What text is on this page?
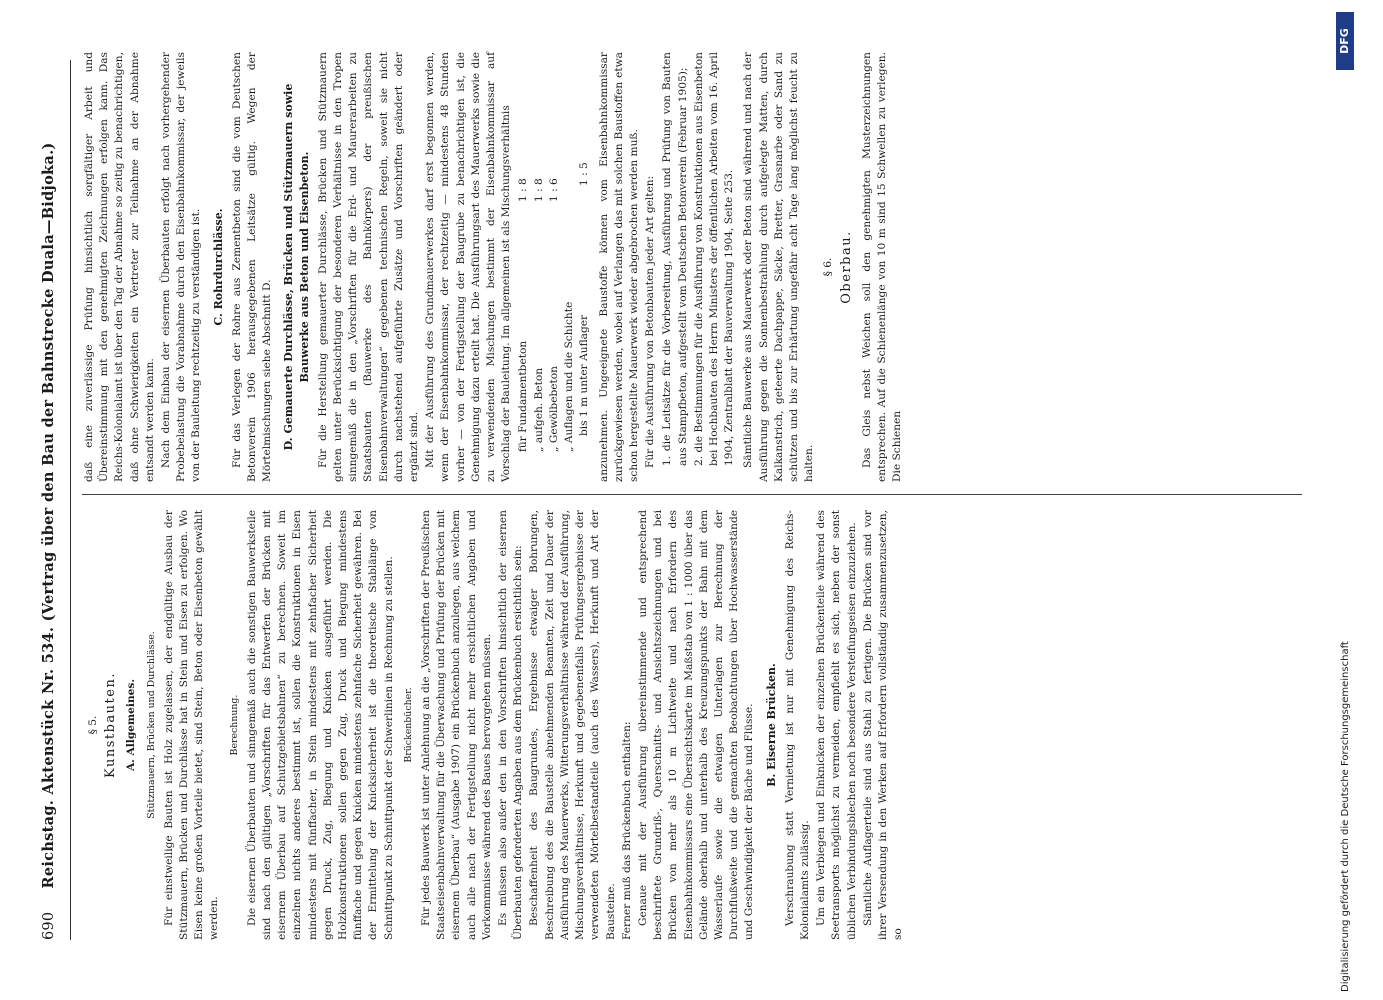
690 Reichstag. Aktenstück Nr. 534. (Vertrag über den Bau der Bahnstrecke Duala—Bidjoka.)	§ 5. Kunstbauten. A. Allgemeines. Stützmauern, Brücken und Durchlässe. Für einstweilige Bauten ist Holz zugelassen, der endgültige Ausbau der Stützmauern, Brücken und Durchlässe hat in Stein und Eisen zu erfolgen. Wo Eisen keine großen Vorteile bietet, sind Stein, Beton oder Eisenbeton gewählt werden.

Berechnung. Die eisernen Überbauten und sinngemäß auch die sonstigen Bauwerksteile sind nach den gültigen „Vorschriften für das Entwerfen der Brücken mit eisernem Überbau auf Schutzgebietsbahnen“ zu berechnen. Soweit im einzelnen nichts anderes bestimmt ist, sollen die Konstruktionen in Eisen mindestens mit fünffacher, in Stein mindestens mit zehnfacher Sicherheit gegen Druck, Zug, Biegung und Knicken ausgeführt werden. Die Holzkonstruktionen sollen gegen Zug, Druck und Biegung mindestens fünffache und gegen Knicken mindestens zehnfache Sicherheit gewähren. Bei der Ermittelung der Knicksicherheit ist die theoretische Stablänge von Schnittpunkt zu Schnittpunkt der Schwerlinien in Rechnung zu stellen. Brückenbücher. Für jedes Bauwerk ist unter Anlehnung an die „Vorschriften der Preußischen Staatseisenbahnverwaltung für die Überwachung und Prüfung der Brücken mit eisernem Überbau“ (Ausgabe 1907) ein Brückenbuch anzulegen, aus welchem auch alle nach der Fertigstellung nicht mehr ersichtlichen Angaben und Vorkommnisse während des Baues hervorgehen müssen. Es müssen also außer den in den Vorschriften hinsichtlich der eisernen Überbauten geforderten Angaben aus dem Brückenbuch ersichtlich sein: Beschaffenheit des Baugrundes, Ergebnisse etwaiger Bohrungen, Beschreibung des die Baustelle abnehmenden Beamten, Zeit und Dauer der Ausführung des Mauerwerks, Witterungsverhältnisse während der Ausführung, Mischungsverhältnisse, Herkunft und gegebenenfalls Prüfungsergebnisse der verwendeten Mörtelbestandteile (auch des Wassers), Herkunft und Art der Bausteine. Ferner muß das Brückenbuch enthalten: Genaue mit der Ausführung übereinstimmende und entsprechend beschriftete Grundriß-, Querschnitts- und Ansichtszeichnungen und bei Brücken von mehr als 10 m Lichtweite und nach Erfordern des Eisenbahnkommissars eine Übersichtskarte im Maßstab von 1 : 1000 über das Gelände oberhalb und unterhalb des Kreuzungspunkts der Bahn mit dem Wasserlaufe sowie die etwaigen Unterlagen zur Berechnung der Durchflußweite und die gemachten Beobachtungen über Hochwasserstände und Geschwindigkeit der Bäche und Flüsse. B. Eiserne Brücken. Verschraubung statt Vernietung ist nur mit Genehmigung des Reichs-Kolonialamts zulässig. Um ein Verbiegen und Einknicken der einzelnen Brückenteile während des Seetransports möglichst zu vermeiden, empfiehlt es sich, neben der sonst üblichen Verbindungsblechen noch besondere Versteifungseisen einzuziehen. Sämtliche Auflagerteile sind aus Stahl zu fertigen. Die Brücken sind vor ihrer Versendung in den Werken auf Erfordern vollständig zusammenzusetzen, so

daß eine zuverlässige Prüfung hinsichtlich sorgfältiger Arbeit und Übereinstimmung mit den genehmigten Zeichnungen erfolgen kann. Das Reichs-Kolonialamt ist über den Tag der Abnahme so zeitig zu benachrichtigen, daß ohne Schwierigkeiten ein Vertreter zur Teilnahme an der Abnahme entsandt werden kann. Nach dem Einbau der eisernen Überbauten erfolgt nach vorhergehender Probebelastung die Vorabnahme durch den Eisenbahnkommissar, der jeweils von der Bauleitung rechtzeitig zu verständigen ist. C. Rohrdurchlässe. Für das Verlegen der Rohre aus Zementbeton sind die vom Deutschen Betonverein 1906 herausgegebenen Leitsätze gültig. Wegen der Mörtelmischungen siehe Abschnitt D. D. Gemauerte Durchlässe, Brücken und Stützmauern sowie Bauwerke aus Beton und Eisenbeton. Für die Herstellung gemauerter Durchlässe, Brücken und Stützmauern gelten unter Berücksichtigung der besonderen Verhältnisse in den Tropen sinngemäß die in den „Vorschriften für die Erd- und Maurerarbeiten zu Staatsbauten (Bauwerke des Bahnkörpers) der preußischen Eisenbahnverwaltungen“ gegebenen technischen Regeln, soweit sie nicht durch nachstehend aufgeführte Zusätze und Vorschriften geändert oder ergänzt sind. Mit der Ausführung des Grundmauerwerkes darf erst begonnen werden, wenn der Eisenbahnkommissar, der rechtzeitig — mindestens 48 Stunden vorher — von der Fertigstellung der Baugrube zu benachrichtigen ist, die Genehmigung dazu erteilt hat. Die Ausführungsart des Mauerwerks sowie die zu verwendenden Mischungen bestimmt der Eisenbahnkommissar auf Vorschlag der Bauleitung. Im allgemeinen ist als Mischungsverhältnis für Fundamentbeton
1 : 8
„ aufgeh. Beton
1 : 8
„ Gewölbebeton
1 : 6
„ Auflagen und die Schichte bis 1 m unter Auflager
1 : 5 anzunehmen. Ungeeignete Baustoffe können vom Eisenbahnkommissar zurückgewiesen werden, wobei auf Verlangen das mit solchen Baustoffen etwa schon hergestellte Mauerwerk wieder abgebrochen werden muß. Für die Ausführung von Betonbauten jeder Art gelten: 1. die Leitsätze für die Vorbereitung, Ausführung und Prüfung von Bauten aus Stampfbeton, aufgestellt vom Deutschen Betonverein (Februar 1905); 2. die Bestimmungen für die Ausführung von Konstruktionen aus Eisenbeton bei Hochbauten des Herrn Ministers der öffentlichen Arbeiten vom 16. April 1904, Zentralblatt der Bauverwaltung 1904, Seite 253. Sämtliche Bauwerke aus Mauerwerk oder Beton sind während und nach der Ausführung gegen die Sonnenbestrahlung durch aufgelegte Matten, durch Kalkanstrich, geteerte Dachpappe, Säcke, Bretter, Grasnarbe oder Sand zu schützen und bis zur Erhärtung ungefähr acht Tage lang möglichst feucht zu halten.

§ 6. Oberbau. Das Gleis nebst Weichen soll den genehmigten Musterzeichnungen entsprechen. Auf die Schienenlänge von 10 m sind 15 Schwellen zu verlegen. Die Schienen

Digitalisierung gefördert durch die Deutsche Forschungsgemeinschaft
DFG
